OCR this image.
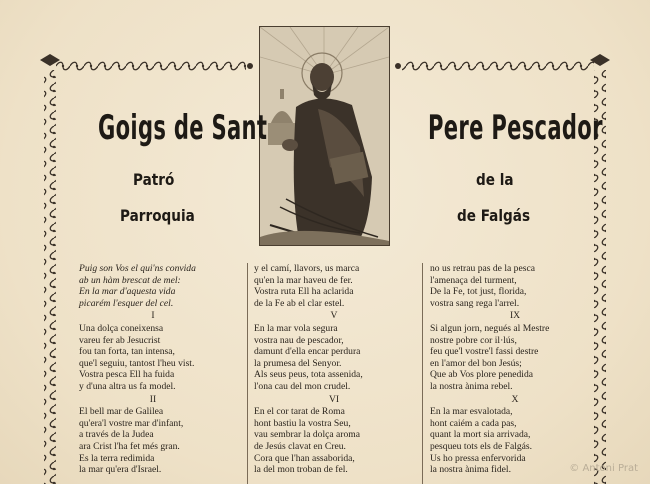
Goigs de Sant	Pere Pescador
Patró
Parroquia
de la
de Falgás
Puig son Vos el qui'ns convida
ab un hàm brescat de mel:
En la mar d'aquesta vida
picarém l'esquer del cel.
I
Una dolça coneixensa
vareu fer ab Jesucrist
fou tan forta, tan intensa,
que'l seguiu, tantost l'heu vist.
Vostra pesca Ell ha fuida
y d'una altra us fa model.
II
El bell mar de Galilea
qu'era'l vostre mar d'infant,
a través de la Judea
ara Crist l'ha fet més gran.
Es la terra redimida
la mar qu'era d'Israel.
y el camí, llavors, us marca
qu'en la mar haveu de fer.
Vostra ruta Ell ha aclarida
de la Fe ab el clar estel.
V
En la mar vola segura
vostra nau de pescador,
damunt d'ella encar perdura
la prumesa del Senyor.
Als seus peus, tota assenida,
l'ona cau del mon crudel.
VI
En el cor tarat de Roma
hont bastiu la vostra Seu,
vau sembrar la dolça aroma
de Jesús clavat en Creu.
Cora que l'han assaborida,
la del mon troban de fel.
no us retrau pas de la pesca
l'amenaça del turment,
De la Fe, tot just, florida,
vostra sang rega l'arrel.
IX
Si algun jorn, negués al Mestre
nostre pobre cor il·lús,
feu que'l vostre'l fassi destre
en l'amor del bon Jesús;
Que ab Vos plore penedida
la nostra ànima rebel.
X
En la mar esvalotada,
hont caiém a cada pas,
quant la mort sia arrivada,
pesqueu tots els de Falgás.
Us ho pressa enfervorida
la nostra ànima fidel.	© Antoni Prat
